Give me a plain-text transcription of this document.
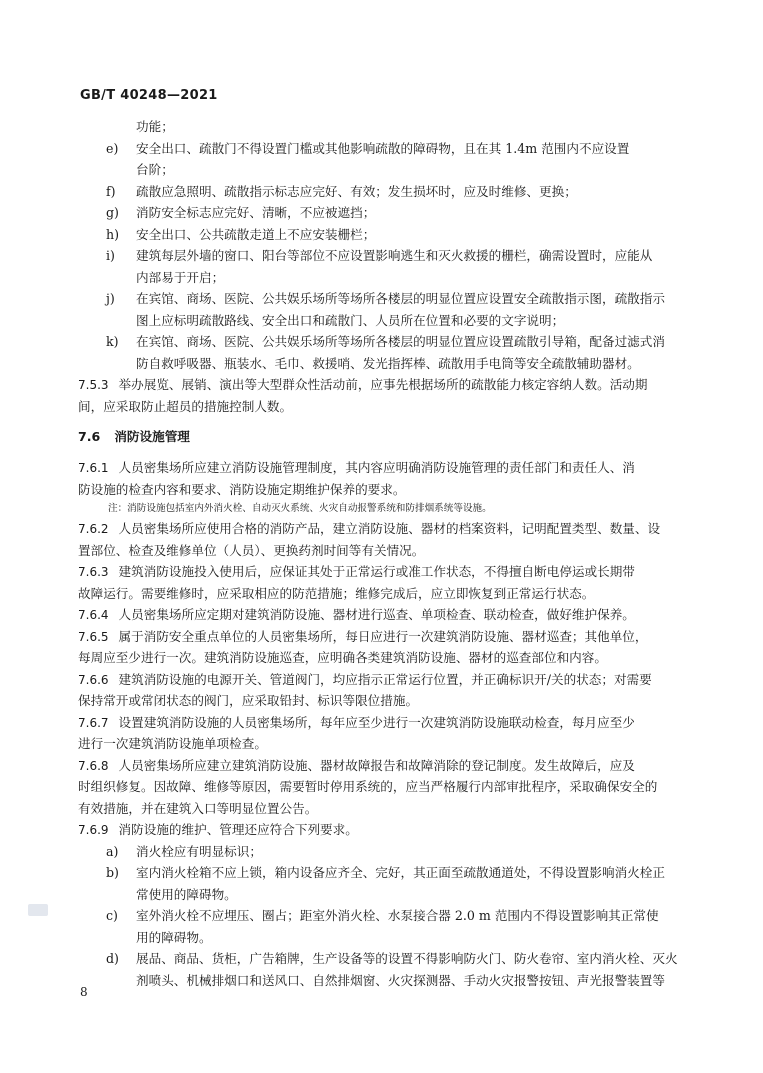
GB/T 40248—2021
功能；
e) 安全出口、疏散门不得设置门槛或其他影响疏散的障碍物，且在其 1.4m 范围内不应设置
台阶；
f) 疏散应急照明、疏散指示标志应完好、有效；发生损坏时，应及时维修、更换；
g) 消防安全标志应完好、清晰，不应被遮挡；
h) 安全出口、公共疏散走道上不应安装栅栏；
i) 建筑每层外墙的窗口、阳台等部位不应设置影响逃生和灭火救援的栅栏，确需设置时，应能从
内部易于开启；
j) 在宾馆、商场、医院、公共娱乐场所等场所各楼层的明显位置应设置安全疏散指示图，疏散指示
图上应标明疏散路线、安全出口和疏散门、人员所在位置和必要的文字说明；
k) 在宾馆、商场、医院、公共娱乐场所等场所各楼层的明显位置应设置疏散引导箱，配备过滤式消
防自救呼吸器、瓶装水、毛巾、救援哨、发光指挥棒、疏散用手电筒等安全疏散辅助器材。
7.5.3 举办展览、展销、演出等大型群众性活动前，应事先根据场所的疏散能力核定容纳人数。活动期
间，应采取防止超员的措施控制人数。
7.6 消防设施管理
7.6.1 人员密集场所应建立消防设施管理制度，其内容应明确消防设施管理的责任部门和责任人、消
防设施的检查内容和要求、消防设施定期维护保养的要求。
注：消防设施包括室内外消火栓、自动灭火系统、火灾自动报警系统和防排烟系统等设施。
7.6.2 人员密集场所应使用合格的消防产品，建立消防设施、器材的档案资料，记明配置类型、数量、设
置部位、检查及维修单位（人员）、更换药剂时间等有关情况。
7.6.3 建筑消防设施投入使用后，应保证其处于正常运行或准工作状态，不得擅自断电停运或长期带
故障运行。需要维修时，应采取相应的防范措施；维修完成后，应立即恢复到正常运行状态。
7.6.4 人员密集场所应定期对建筑消防设施、器材进行巡查、单项检查、联动检查，做好维护保养。
7.6.5 属于消防安全重点单位的人员密集场所，每日应进行一次建筑消防设施、器材巡查；其他单位，
每周应至少进行一次。建筑消防设施巡查，应明确各类建筑消防设施、器材的巡查部位和内容。
7.6.6 建筑消防设施的电源开关、管道阀门，均应指示正常运行位置，并正确标识开/关的状态；对需要
保持常开或常闭状态的阀门，应采取铅封、标识等限位措施。
7.6.7 设置建筑消防设施的人员密集场所，每年应至少进行一次建筑消防设施联动检查，每月应至少
进行一次建筑消防设施单项检查。
7.6.8 人员密集场所应建立建筑消防设施、器材故障报告和故障消除的登记制度。发生故障后，应及
时组织修复。因故障、维修等原因，需要暂时停用系统的，应当严格履行内部审批程序，采取确保安全的
有效措施，并在建筑入口等明显位置公告。
7.6.9 消防设施的维护、管理还应符合下列要求。
a) 消火栓应有明显标识；
b) 室内消火栓箱不应上锁，箱内设备应齐全、完好，其正面至疏散通道处，不得设置影响消火栓正
常使用的障碍物。
c) 室外消火栓不应埋压、圈占；距室外消火栓、水泵接合器 2.0 m 范围内不得设置影响其正常使
用的障碍物。
d) 展品、商品、货柜，广告箱牌，生产设备等的设置不得影响防火门、防火卷帘、室内消火栓、灭火
剂喷头、机械排烟口和送风口、自然排烟窗、火灾探测器、手动火灾报警按钮、声光报警装置等
8
